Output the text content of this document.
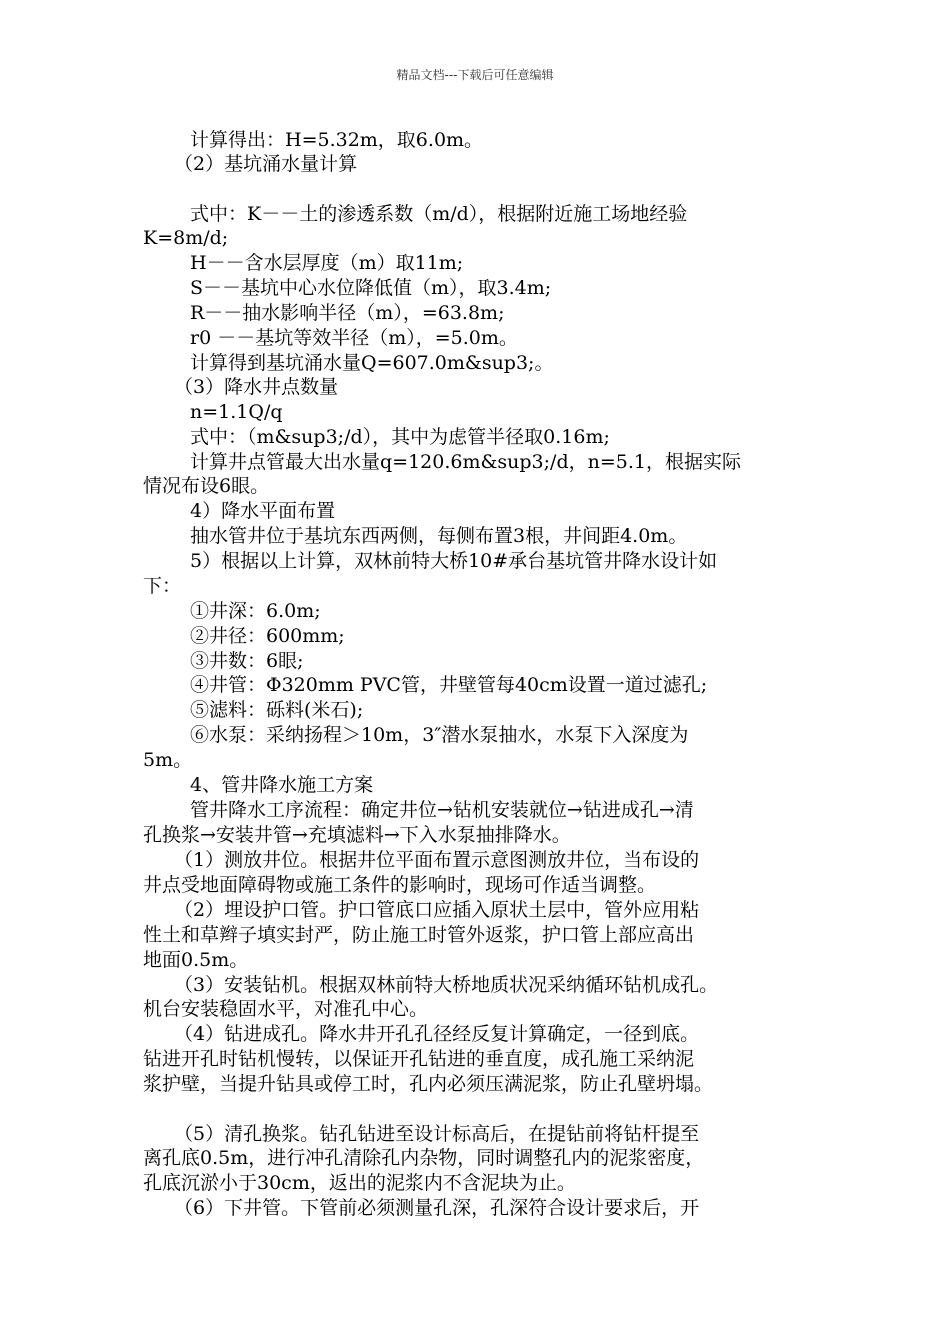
精品文档---下载后可任意编辑
计算得出：H=5.32m，取6.0m。
（2）基坑涌水量计算
式中：K－－土的渗透系数（m/d），根据附近施工场地经验
K=8m/d;
H－－含水层厚度（m）取11m;
S－－基坑中心水位降低值（m），取3.4m;
R－－抽水影响半径（m），=63.8m;
r0 －－基坑等效半径（m），=5.0m。
计算得到基坑涌水量Q=607.0m&sup3;。
（3）降水井点数量
n=1.1Q/q
式中：（m&sup3;/d），其中为虑管半径取0.16m;
计算井点管最大出水量q=120.6m&sup3;/d，n=5.1，根据实际
情况布设6眼。
4）降水平面布置
抽水管井位于基坑东西两侧，每侧布置3根，井间距4.0m。
5）根据以上计算，双林前特大桥10#承台基坑管井降水设计如
下：
①井深：6.0m;
②井径：600mm;
③井数：6眼;
④井管：Φ320mm PVC管，井壁管每40cm设置一道过滤孔;
⑤滤料：砾料(米石);
⑥水泵：采纳扬程＞10m，3″潜水泵抽水，水泵下入深度为
5m。
4、管井降水施工方案
管井降水工序流程：确定井位→钻机安装就位→钻进成孔→清
孔换浆→安装井管→充填滤料→下入水泵抽排降水。
（1）测放井位。根据井位平面布置示意图测放井位，当布设的
井点受地面障碍物或施工条件的影响时，现场可作适当调整。
（2）埋设护口管。护口管底口应插入原状土层中，管外应用粘
性土和草辫子填实封严，防止施工时管外返浆，护口管上部应高出
地面0.5m。
（3）安装钻机。根据双林前特大桥地质状况采纳循环钻机成孔。
机台安装稳固水平，对准孔中心。
（4）钻进成孔。降水井开孔孔径经反复计算确定，一径到底。
钻进开孔时钻机慢转，以保证开孔钻进的垂直度，成孔施工采纳泥
浆护壁，当提升钻具或停工时，孔内必须压满泥浆，防止孔壁坍塌。
（5）清孔换浆。钻孔钻进至设计标高后，在提钻前将钻杆提至
离孔底0.5m，进行冲孔清除孔内杂物，同时调整孔内的泥浆密度，
孔底沉淤小于30cm，返出的泥浆内不含泥块为止。
（6）下井管。下管前必须测量孔深，孔深符合设计要求后，开
